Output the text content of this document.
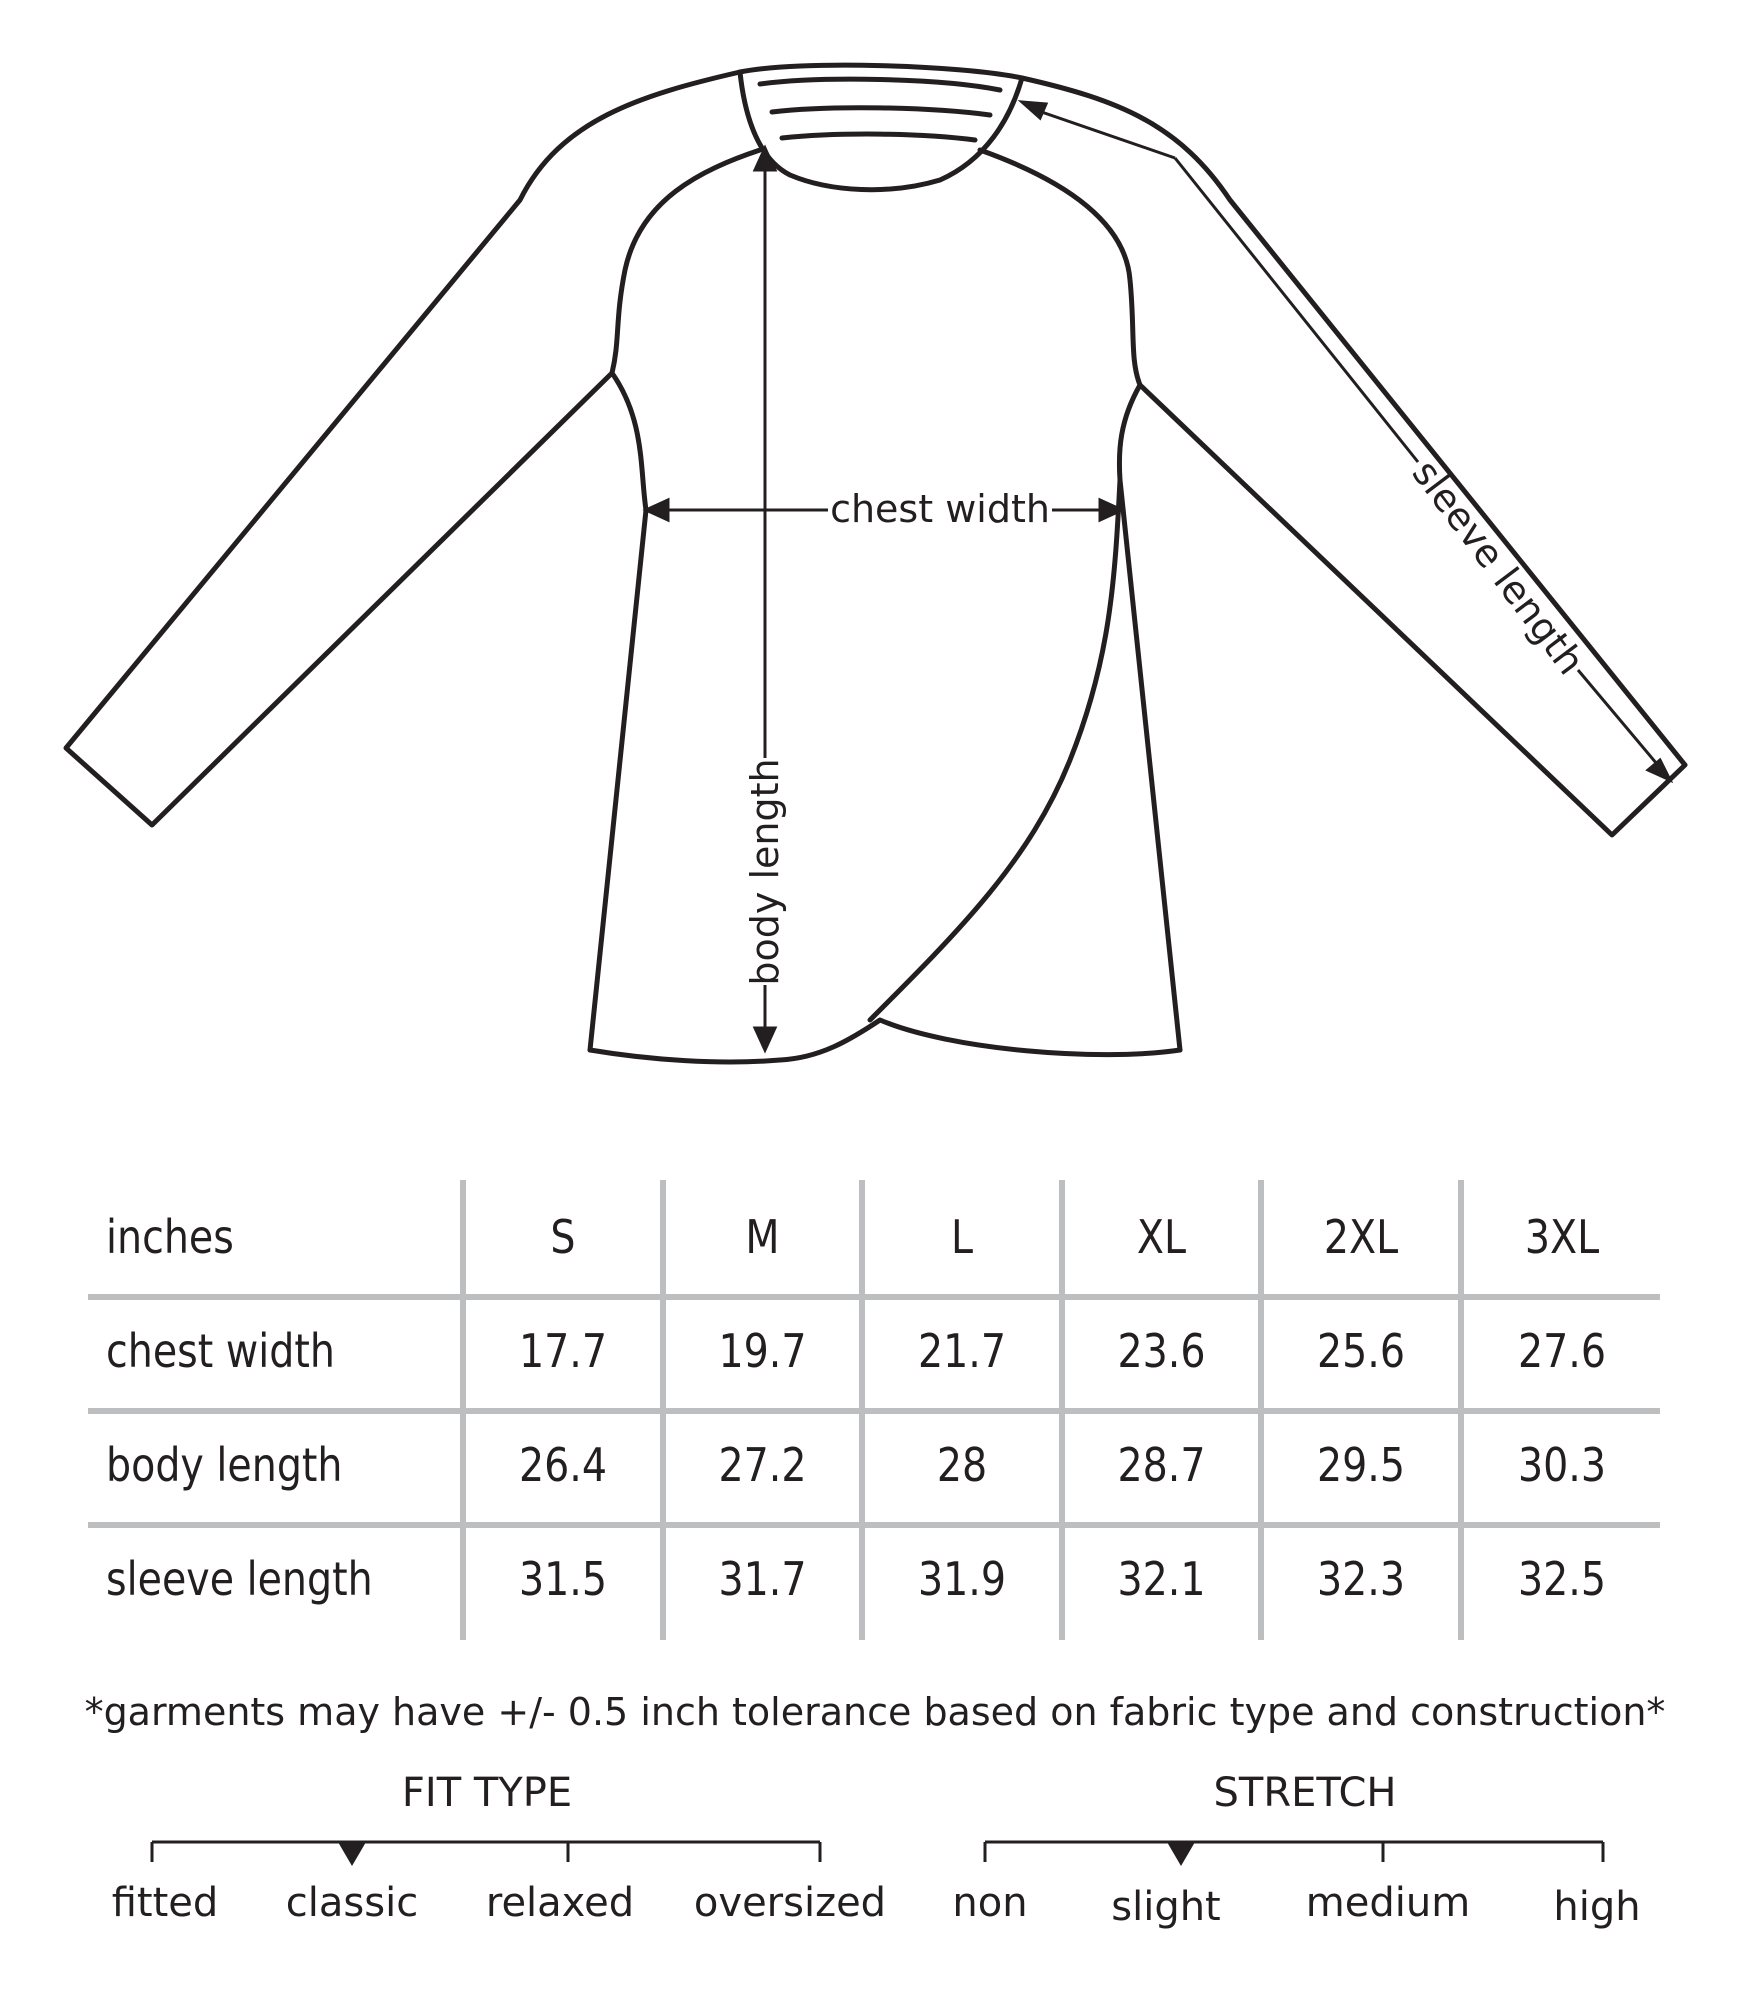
chest width
body length
sleeve length
inches	S	M	L	XL	2XL	3XL
chest width	17.7	19.7	21.7	23.6	25.6	27.6
body length	26.4	27.2	28	28.7	29.5	30.3
sleeve length	31.5	31.7	31.9	32.1	32.3	32.5
*garments may have +/- 0.5 inch tolerance based on fabric type and construction*
FIT TYPE
fitted classic relaxed oversized
STRETCH
non slight medium high
